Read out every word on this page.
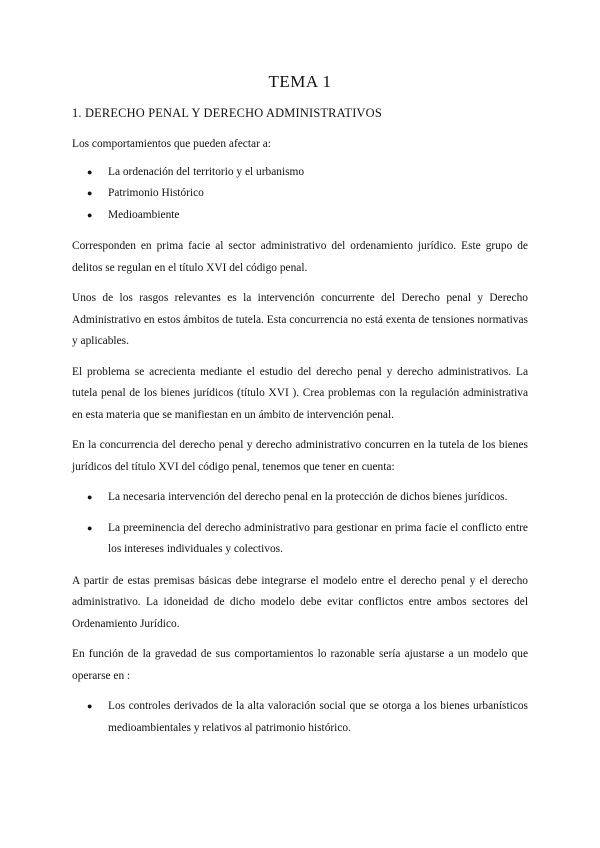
TEMA 1
1. DERECHO PENAL Y DERECHO ADMINISTRATIVOS

Los comportamientos que pueden afectar a:

● La ordenación del territorio y el urbanismo
● Patrimonio Histórico
● Medioambiente

Corresponden en prima facie al sector administrativo del ordenamiento jurídico. Este grupo de delitos se regulan en el título XVI del código penal.

Unos de los rasgos relevantes es la intervención concurrente del Derecho penal y Derecho Administrativo en estos ámbitos de tutela. Esta concurrencia no está exenta de tensiones normativas y aplicables.

El problema se acrecienta mediante el estudio del derecho penal y derecho administrativos. La tutela penal de los bienes jurídicos (título XVI ). Crea problemas con la regulación administrativa en esta materia que se manifiestan en un ámbito de intervención penal.

En la concurrencia del derecho penal y derecho administrativo concurren en la tutela de los bienes jurídicos del título XVI del código penal, tenemos que tener en cuenta:

● La necesaria intervención del derecho penal en la protección de dichos bienes jurídicos.
● La preeminencia del derecho administrativo para gestionar en prima facie el conflicto entre los intereses individuales y colectivos.

A partir de estas premisas básicas debe integrarse el modelo entre el derecho penal y el derecho administrativo. La idoneidad de dicho modelo debe evitar conflictos entre ambos sectores del Ordenamiento Jurídico.

En función de la gravedad de sus comportamientos lo razonable sería ajustarse a un modelo que operarse en :

● Los controles derivados de la alta valoración social que se otorga a los bienes urbanísticos medioambientales y relativos al patrimonio histórico.
